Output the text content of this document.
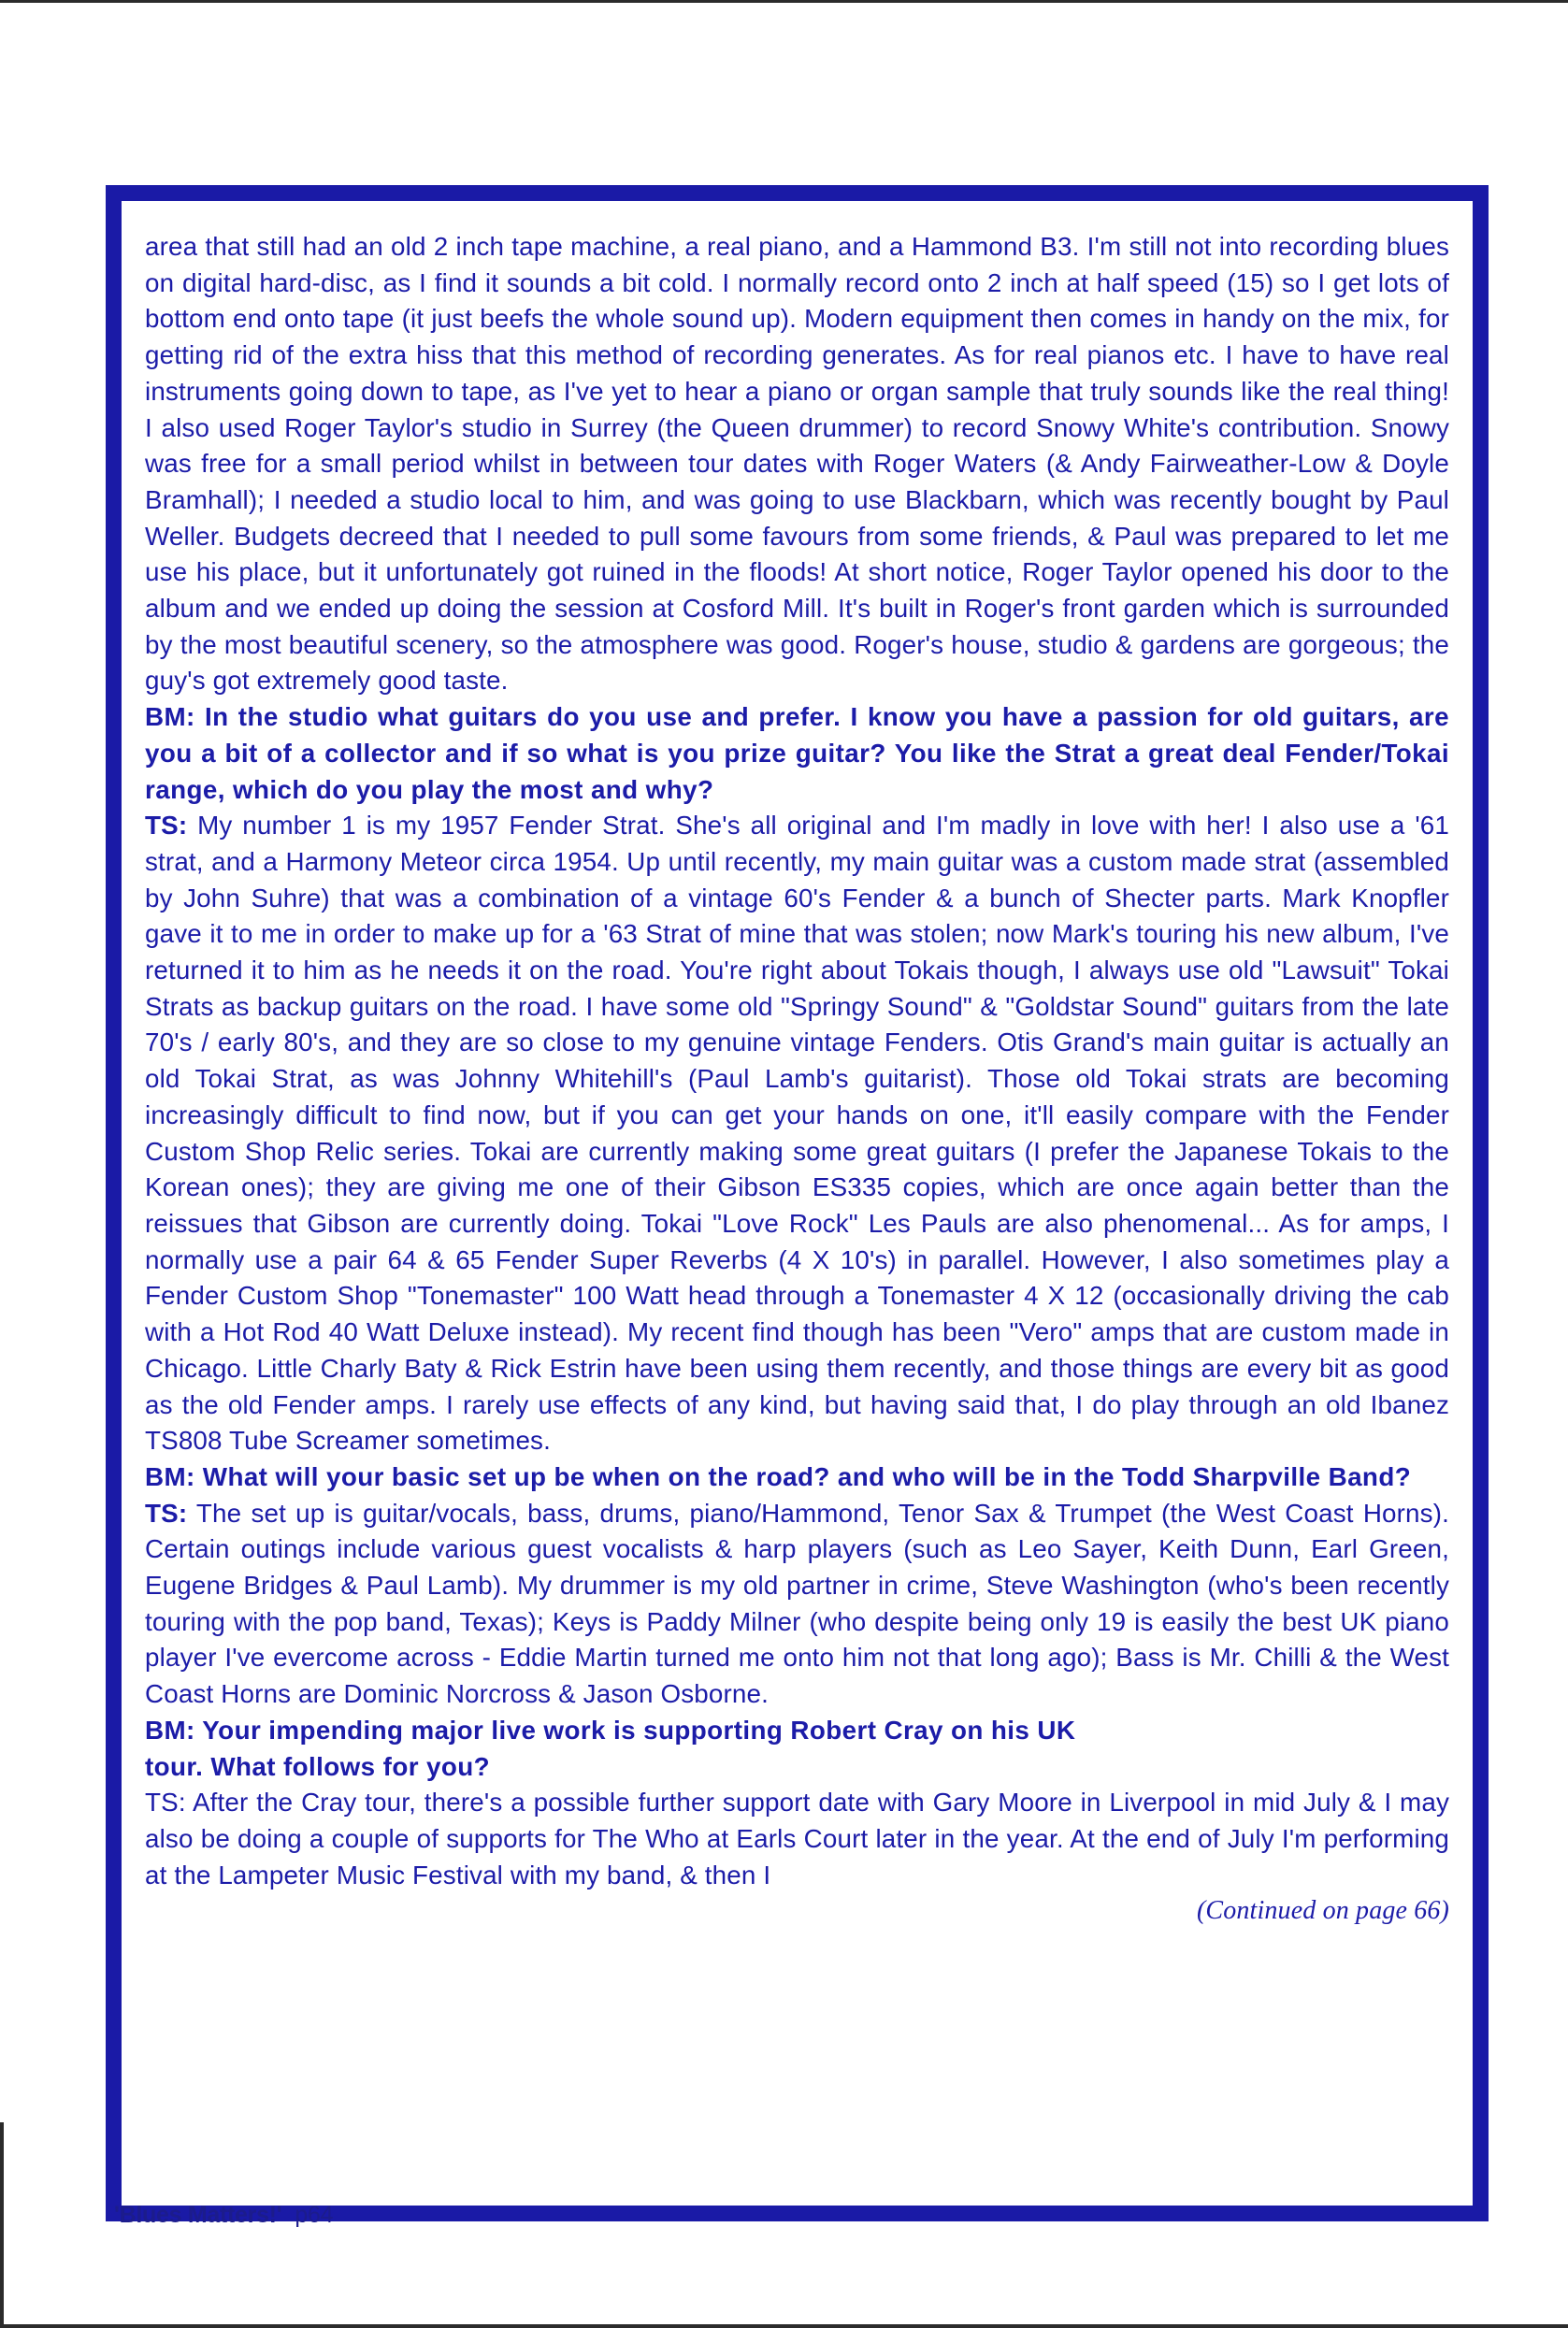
area that still had an old 2 inch tape machine, a real piano, and a Hammond B3. I'm still not into recording blues on digital hard-disc, as I find it sounds a bit cold. I normally record onto 2 inch at half speed (15) so I get lots of bottom end onto tape (it just beefs the whole sound up). Modern equipment then comes in handy on the mix, for getting rid of the extra hiss that this method of recording generates. As for real pianos etc. I have to have real instruments going down to tape, as I've yet to hear a piano or organ sample that truly sounds like the real thing! I also used Roger Taylor's studio in Surrey (the Queen drummer) to record Snowy White's contribution. Snowy was free for a small period whilst in between tour dates with Roger Waters (& Andy Fairweather-Low & Doyle Bramhall); I needed a studio local to him, and was going to use Blackbarn, which was recently bought by Paul Weller. Budgets decreed that I needed to pull some favours from some friends, & Paul was prepared to let me use his place, but it unfortunately got ruined in the floods! At short notice, Roger Taylor opened his door to the album and we ended up doing the session at Cosford Mill. It's built in Roger's front garden which is surrounded by the most beautiful scenery, so the atmosphere was good. Roger's house, studio & gardens are gorgeous; the guy's got extremely good taste.

BM: In the studio what guitars do you use and prefer. I know you have a passion for old guitars, are you a bit of a collector and if so what is you prize guitar? You like the Strat a great deal Fender/Tokai range, which do you play the most and why?

TS: My number 1 is my 1957 Fender Strat. She's all original and I'm madly in love with her! I also use a '61 strat, and a Harmony Meteor circa 1954. Up until recently, my main guitar was a custom made strat (assembled by John Suhre) that was a combination of a vintage 60's Fender & a bunch of Shecter parts. Mark Knopfler gave it to me in order to make up for a '63 Strat of mine that was stolen; now Mark's touring his new album, I've returned it to him as he needs it on the road. You're right about Tokais though, I always use old "Lawsuit" Tokai Strats as backup guitars on the road. I have some old "Springy Sound" & "Goldstar Sound" guitars from the late 70's / early 80's, and they are so close to my genuine vintage Fenders. Otis Grand's main guitar is actually an old Tokai Strat, as was Johnny Whitehill's (Paul Lamb's guitarist). Those old Tokai strats are becoming increasingly difficult to find now, but if you can get your hands on one, it'll easily compare with the Fender Custom Shop Relic series. Tokai are currently making some great guitars (I prefer the Japanese Tokais to the Korean ones); they are giving me one of their Gibson ES335 copies, which are once again better than the reissues that Gibson are currently doing. Tokai "Love Rock" Les Pauls are also phenomenal... As for amps, I normally use a pair 64 & 65 Fender Super Reverbs (4 X 10's) in parallel. However, I also sometimes play a Fender Custom Shop "Tonemaster" 100 Watt head through a Tonemaster 4 X 12 (occasionally driving the cab with a Hot Rod 40 Watt Deluxe instead). My recent find though has been "Vero" amps that are custom made in Chicago. Little Charly Baty & Rick Estrin have been using them recently, and those things are every bit as good as the old Fender amps. I rarely use effects of any kind, but having said that, I do play through an old Ibanez TS808 Tube Screamer sometimes.

BM: What will your basic set up be when on the road? and who will be in the Todd Sharpville Band?

TS: The set up is guitar/vocals, bass, drums, piano/Hammond, Tenor Sax & Trumpet (the West Coast Horns). Certain outings include various guest vocalists & harp players (such as Leo Sayer, Keith Dunn, Earl Green, Eugene Bridges & Paul Lamb). My drummer is my old partner in crime, Steve Washington (who's been recently touring with the pop band, Texas); Keys is Paddy Milner (who despite being only 19 is easily the best UK piano player I've evercome across - Eddie Martin turned me onto him not that long ago); Bass is Mr. Chilli & the West Coast Horns are Dominic Norcross & Jason Osborne.

BM: Your impending major live work is supporting Robert Cray on his UK
tour. What follows for you?

TS: After the Cray tour, there's a possible further support date with Gary Moore in Liverpool in mid July & I may also be doing a couple of supports for The Who at Earls Court later in the year. At the end of July I'm performing at the Lampeter Music Festival with my band, & then I

(Continued on page 66)

'Blues Matters!' p64
